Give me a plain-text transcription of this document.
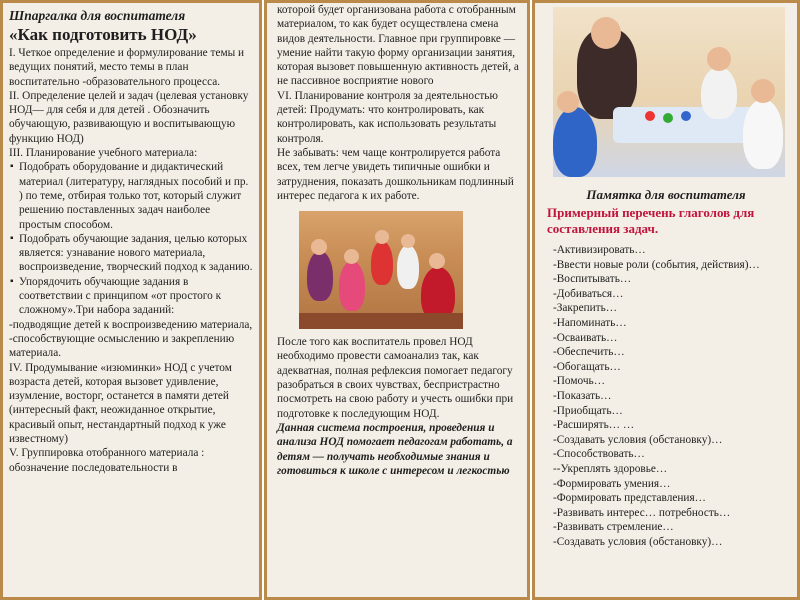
Шпаргалка для воспитателя
«Как подготовить НОД»

I. Четкое определение и формулирование темы и ведущих понятий, место темы в план воспитательно -образовательного процесса.

II. Определение целей и задач (целевая установку НОД— для себя и для детей . Обозначить обучающую, развивающую и воспитывающую функцию НОД)

III. Планирование учебного материала:

▪ Подобрать оборудование и дидактический материал (литературу, наглядных пособий и пр. ) по теме, отбирая только тот, который служит решению поставленных задач наиболее простым способом.
▪ Подобрать обучающие задания, целью которых является: узнавание нового материала, воспроизведение, творческий подход к заданию.
▪ Упорядочить обучающие задания в соответствии с принципом «от простого к сложному».Три набора заданий:

-подводящие детей к воспроизведению материала,

-способствующие осмыслению и закреплению материала.

IV. Продумывание «изюминки» НОД с учетом возраста детей, которая вызовет удивление, изумление, восторг, останется в памяти детей (интересный факт, неожиданное открытие, красивый опыт, нестандартный подход к уже известному)

V. Группировка отобранного материала : обозначение последовательности в

которой будет организована работа с отобранным материалом, то как будет осуществлена смена видов деятельности. Главное при группировке — умение найти такую форму организации занятия, которая вызовет повышенную активность детей, а не пассивное восприятие нового

VI. Планирование контроля за деятельностью детей: Продумать: что контролировать, как контролировать, как использовать результаты контроля.

Не забывать: чем чаще контролируется работа всех, тем легче увидеть типичные ошибки и затруднения, показать дошкольникам подлинный интерес педагога к их работе.

После того как воспитатель провел НОД необходимо провести самоанализ так, как адекватная, полная рефлексия помогает педагогу разобраться в своих чувствах, беспристрастно посмотреть на свою работу и учесть ошибки при подготовке к последующим НОД.

Данная система построения, проведения и анализа НОД помогает педагогам работать, а детям — получать необходимые знания и готовиться к школе с интересом и легкостью

Памятка для воспитателя
Примерный перечень глаголов для составления задач.
-Активизировать…
-Ввести новые роли (события, действия)…
-Воспитывать…
-Добиваться…
-Закрепить…
-Напоминать…
-Осваивать…
-Обеспечить…
-Обогащать…
-Помочь…
-Показать…
-Приобщать…
-Расширять… …
-Создавать условия (обстановку)…
-Способствовать…
--Укреплять здоровье…
-Формировать умения…
-Формировать представления…
-Развивать интерес… потребность…
-Развивать стремление…
-Создавать условия (обстановку)…
